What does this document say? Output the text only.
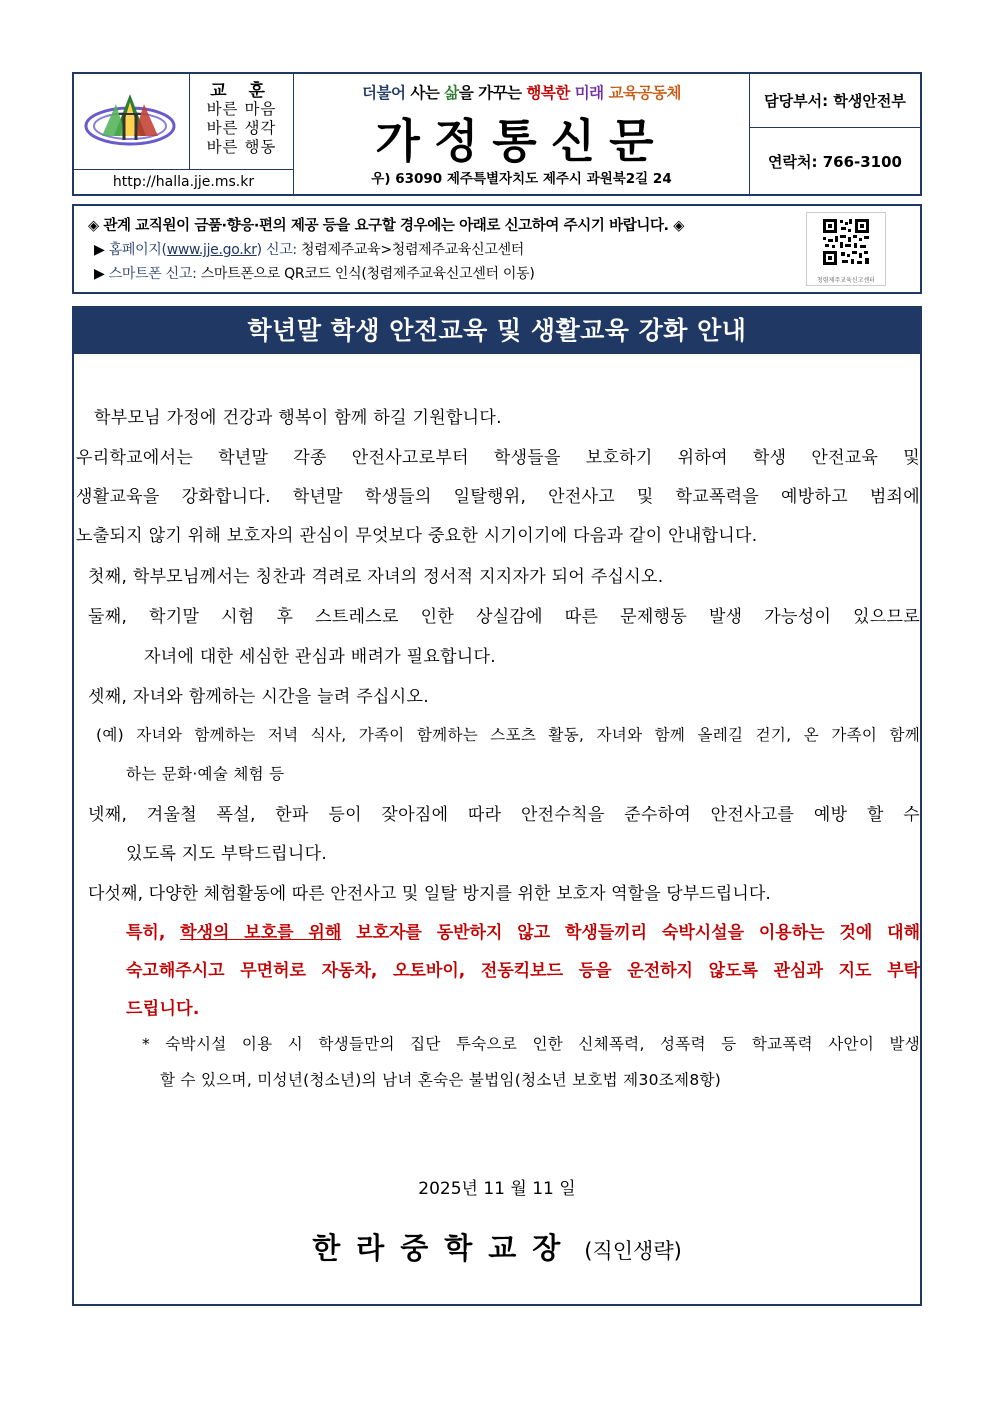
교 훈
바른 마음
바른 생각
바른 행동
http://halla.jje.ms.kr
더불어 사는 삶을 가꾸는 행복한 미래 교육공동체
가정통신문
우) 63090 제주특별자치도 제주시 과원북2길 24
담당부서: 학생안전부
연락처: 766-3100
◈ 관계 교직원이 금품·향응·편의 제공 등을 요구할 경우에는 아래로 신고하여 주시기 바랍니다. ◈
▶ 홈페이지(www.jje.go.kr) 신고: 청렴제주교육>청렴제주교육신고센터
▶ 스마트폰 신고: 스마트폰으로 QR코드 인식(청렴제주교육신고센터 이동)	청렴제주교육신고센터
학년말 학생 안전교육 및 생활교육 강화 안내
학부모님 가정에 건강과 행복이 함께 하길 기원합니다.
우리학교에서는 학년말 각종 안전사고로부터 학생들을 보호하기 위하여 학생 안전교육 및
생활교육을 강화합니다. 학년말 학생들의 일탈행위, 안전사고 및 학교폭력을 예방하고 범죄에
노출되지 않기 위해 보호자의 관심이 무엇보다 중요한 시기이기에 다음과 같이 안내합니다.
첫째, 학부모님께서는 칭찬과 격려로 자녀의 정서적 지지자가 되어 주십시오.
둘째, 학기말 시험 후 스트레스로 인한 상실감에 따른 문제행동 발생 가능성이 있으므로
자녀에 대한 세심한 관심과 배려가 필요합니다.
셋째, 자녀와 함께하는 시간을 늘려 주십시오.
(예) 자녀와 함께하는 저녁 식사, 가족이 함께하는 스포츠 활동, 자녀와 함께 올레길 걷기, 온 가족이 함께
하는 문화·예술 체험 등
넷째, 겨울철 폭설, 한파 등이 잦아짐에 따라 안전수칙을 준수하여 안전사고를 예방 할 수
있도록 지도 부탁드립니다.
다섯째, 다양한 체험활동에 따른 안전사고 및 일탈 방지를 위한 보호자 역할을 당부드립니다.
특히, 학생의 보호를 위해 보호자를 동반하지 않고 학생들끼리 숙박시설을 이용하는 것에 대해
숙고해주시고 무면허로 자동차, 오토바이, 전동킥보드 등을 운전하지 않도록 관심과 지도 부탁
드립니다.
* 숙박시설 이용 시 학생들만의 집단 투숙으로 인한 신체폭력, 성폭력 등 학교폭력 사안이 발생
할 수 있으며, 미성년(청소년)의 남녀 혼숙은 불법임(청소년 보호법 제30조제8항)
2025년 11 월 11 일
한라중학교장 (직인생략)
